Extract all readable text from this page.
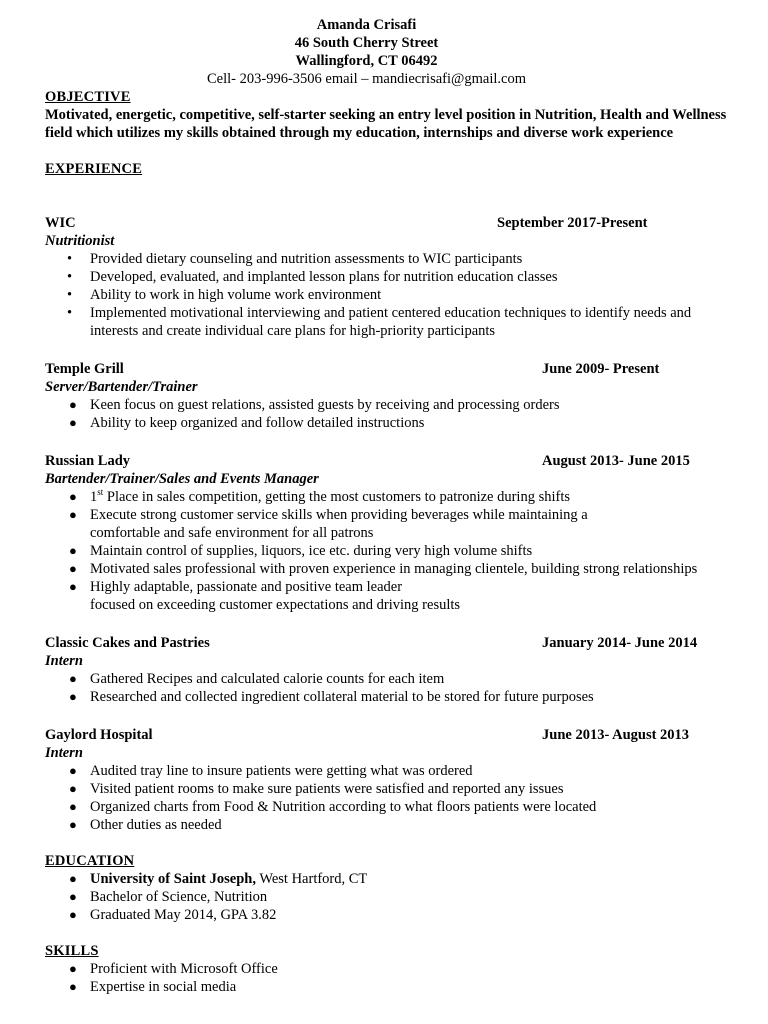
Amanda Crisafi
46 South Cherry Street
Wallingford, CT 06492
Cell- 203-996-3506 email – mandiecrisafi@gmail.com
OBJECTIVE
Motivated, energetic, competitive, self-starter seeking an entry level position in Nutrition, Health and Wellness field which utilizes my skills obtained through my education, internships and diverse work experience
EXPERIENCE
WIC	September 2017-Present
Nutritionist
• Provided dietary counseling and nutrition assessments to WIC participants
• Developed, evaluated, and implanted lesson plans for nutrition education classes
• Ability to work in high volume work environment
• Implemented motivational interviewing and patient centered education techniques to identify needs and interests and create individual care plans for high-priority participants
Temple Grill	June 2009- Present
Server/Bartender/Trainer
● Keen focus on guest relations, assisted guests by receiving and processing orders
● Ability to keep organized and follow detailed instructions
Russian Lady	August 2013- June 2015
Bartender/Trainer/Sales and Events Manager
● 1st Place in sales competition, getting the most customers to patronize during shifts
● Execute strong customer service skills when providing beverages while maintaining a
comfortable and safe environment for all patrons
● Maintain control of supplies, liquors, ice etc. during very high volume shifts
● Motivated sales professional with proven experience in managing clientele, building strong relationships
● Highly adaptable, passionate and positive team leader
focused on exceeding customer expectations and driving results
Classic Cakes and Pastries	January 2014- June 2014
Intern
● Gathered Recipes and calculated calorie counts for each item
● Researched and collected ingredient collateral material to be stored for future purposes
Gaylord Hospital	June 2013- August 2013
Intern
● Audited tray line to insure patients were getting what was ordered
● Visited patient rooms to make sure patients were satisfied and reported any issues
● Organized charts from Food & Nutrition according to what floors patients were located
● Other duties as needed
EDUCATION
● University of Saint Joseph, West Hartford, CT
● Bachelor of Science, Nutrition
● Graduated May 2014, GPA 3.82
SKILLS
● Proficient with Microsoft Office
● Expertise in social media
